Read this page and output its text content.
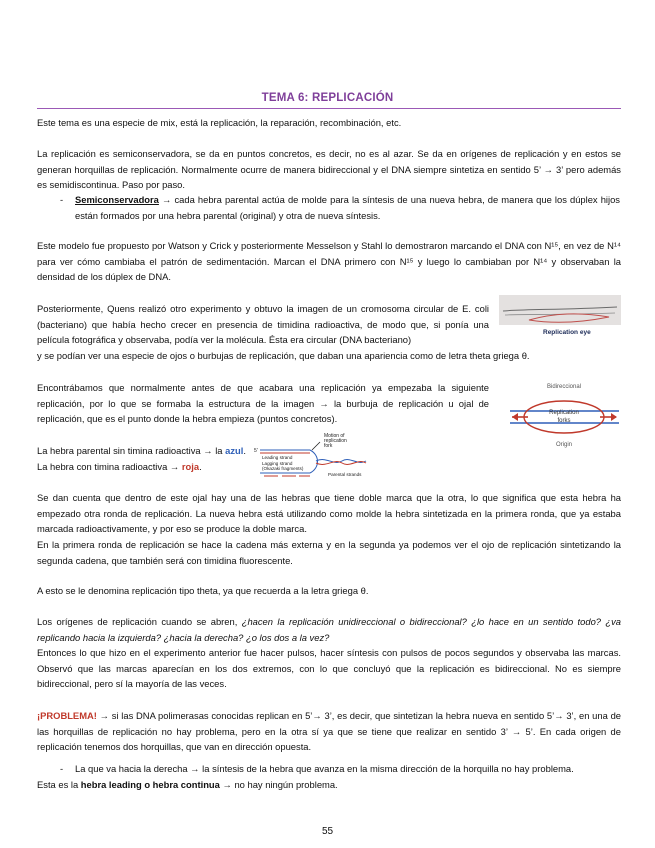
TEMA 6: REPLICACIÓN

Este tema es una especie de mix, está la replicación, la reparación, recombinación, etc.

La replicación es semiconservadora, se da en puntos concretos, es decir, no es al azar. Se da en orígenes de replicación y en estos se generan horquillas de replicación. Normalmente ocurre de manera bidireccional y el DNA siempre sintetiza en sentido 5’ → 3’ pero además es semidiscontinua. Paso por paso.

- Semiconservadora → cada hebra parental actúa de molde para la síntesis de una nueva hebra, de manera que los dúplex hijos están formados por una hebra parental (original) y otra de nueva síntesis.

Este modelo fue propuesto por Watson y Crick y posteriormente Messelson y Stahl lo demostraron marcando el DNA con N¹⁵, en vez de N¹⁴ para ver cómo cambiaba el patrón de sedimentación. Marcan el DNA primero con N¹⁵ y luego lo cambiaban por N¹⁴ y observaban la densidad de los dúplex de DNA.

Posteriormente, Quens realizó otro experimento y obtuvo la imagen de un cromosoma circular de E. coli (bacteriano) que había hecho crecer en presencia de timidina radioactiva, de modo que, si ponía una película fotográfica y observaba, podía ver la molécula. Ésta era circular (DNA bacteriano)

y se podían ver una especie de ojos o burbujas de replicación, que daban una apariencia como de letra theta griega θ.

Encontrábamos que normalmente antes de que acabara una replicación ya empezaba la siguiente replicación, por lo que se formaba la estructura de la imagen → la burbuja de replicación u ojal de replicación, que es el punto donde la hebra empieza (puntos concretos).

La hebra parental sin timina radioactiva → la azul.
La hebra con timina radioactiva → roja.

Se dan cuenta que dentro de este ojal hay una de las hebras que tiene doble marca que la otra, lo que significa que esta hebra ha empezado otra ronda de replicación. La nueva hebra está utilizando como molde la hebra sintetizada en la primera ronda, que ya estaba marcada radioactivamente, y por eso se produce la doble marca.

En la primera ronda de replicación se hace la cadena más externa y en la segunda ya podemos ver el ojo de replicación sintetizando la segunda cadena, que también será con timidina fluorescente.

A esto se le denomina replicación tipo theta, ya que recuerda a la letra griega θ.

Los orígenes de replicación cuando se abren, ¿hacen la replicación unidireccional o bidireccional? ¿lo hace en un sentido todo? ¿va replicando hacia la izquierda? ¿hacia la derecha? ¿o los dos a la vez?

Entonces lo que hizo en el experimento anterior fue hacer pulsos, hacer síntesis con pulsos de pocos segundos y observaba las marcas. Observó que las marcas aparecían en los dos extremos, con lo que concluyó que la replicación es bidireccional. No es siempre bidireccional, pero sí la mayoría de las veces.

¡PROBLEMA! → si las DNA polimerasas conocidas replican en 5’→ 3’, es decir, que sintetizan la hebra nueva en sentido 5’→ 3’, en una de las horquillas de replicación no hay problema, pero en la otra sí ya que se tiene que realizar en sentido 3’ → 5’. En cada origen de replicación tenemos dos horquillas, que van en dirección opuesta.

- La que va hacia la derecha → la síntesis de la hebra que avanza en la misma dirección de la horquilla no hay problema.

Esta es la hebra leading o hebra continua → no hay ningún problema.

55
Replication eye
Bidireccional
Replication
forks
Origin
Motion of
replication
fork
5'
Leading strand
Lagging strand
(Okazaki fragments)
Parental strands
